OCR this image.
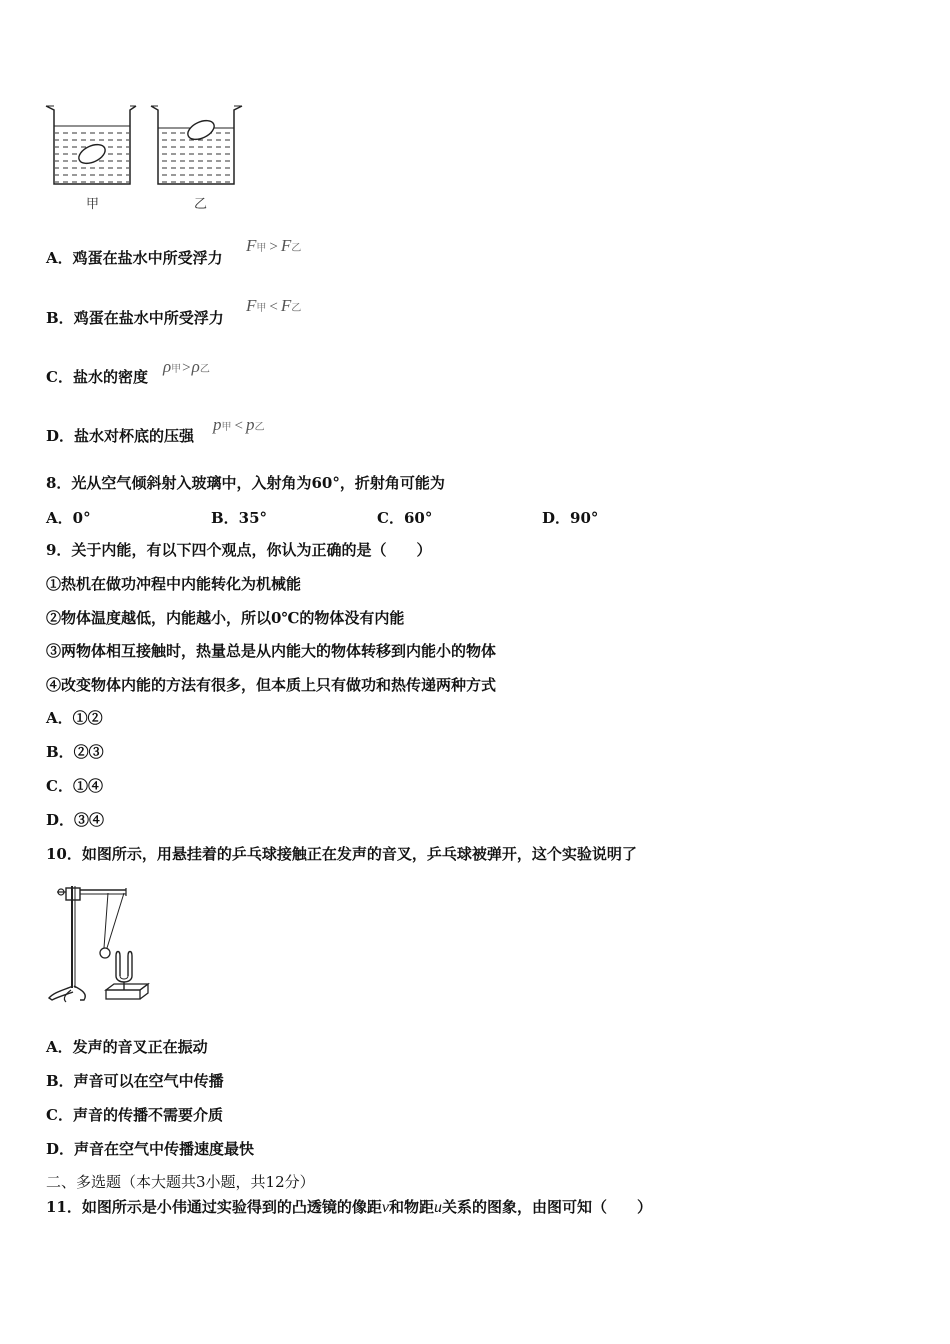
甲	乙
A．鸡蛋在盐水中所受浮力
F甲 > F乙
B．鸡蛋在盐水中所受浮力
F甲 < F乙
C．盐水的密度
ρ甲>ρ乙
D．盐水对杯底的压强
p甲 < p乙
8．光从空气倾斜射入玻璃中，入射角为60°，折射角可能为
A．0°	B．35°	C．60°	D．90°
9．关于内能，有以下四个观点，你认为正确的是（　　）
①热机在做功冲程中内能转化为机械能
②物体温度越低，内能越小，所以0℃的物体没有内能
③两物体相互接触时，热量总是从内能大的物体转移到内能小的物体
④改变物体内能的方法有很多，但本质上只有做功和热传递两种方式
A．①②
B．②③
C．①④
D．③④
10．如图所示，用悬挂着的乒乓球接触正在发声的音叉，乒乓球被弹开，这个实验说明了
A．发声的音叉正在振动
B．声音可以在空气中传播
C．声音的传播不需要介质
D．声音在空气中传播速度最快
二、多选题（本大题共3小题，共12分）
11．如图所示是小伟通过实验得到的凸透镜的像距v和物距u关系的图象，由图可知（　　）
